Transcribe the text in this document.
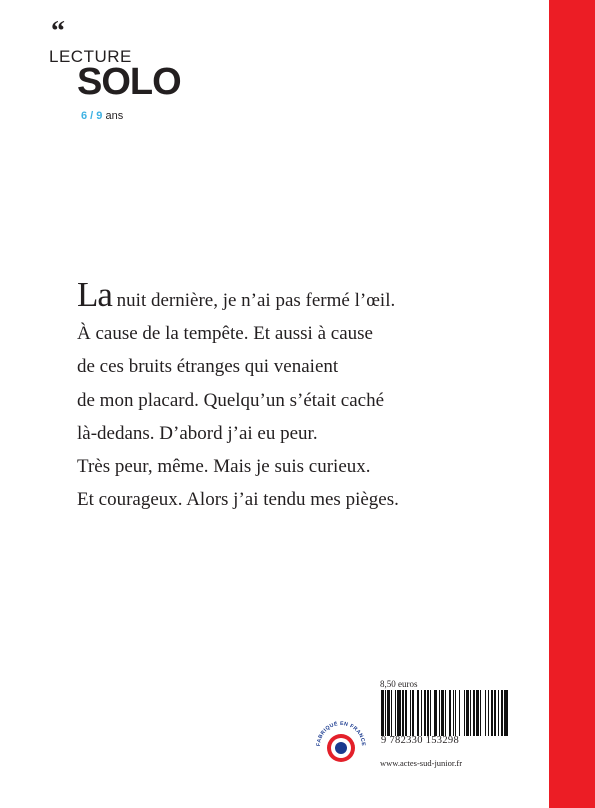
“
LECTURE
SOLO
6 / 9 ans
La nuit dernière, je n’ai pas fermé l’œil.
À cause de la tempête. Et aussi à cause
de ces bruits étranges qui venaient
de mon placard. Quelqu’un s’était caché
là-dedans. D’abord j’ai eu peur.
Très peur, même. Mais je suis curieux.
Et courageux. Alors j’ai tendu mes pièges.
8,50 euros
9 782330 153298
www.actes-sud-junior.fr
FABRIQUÉ EN FRANCE
